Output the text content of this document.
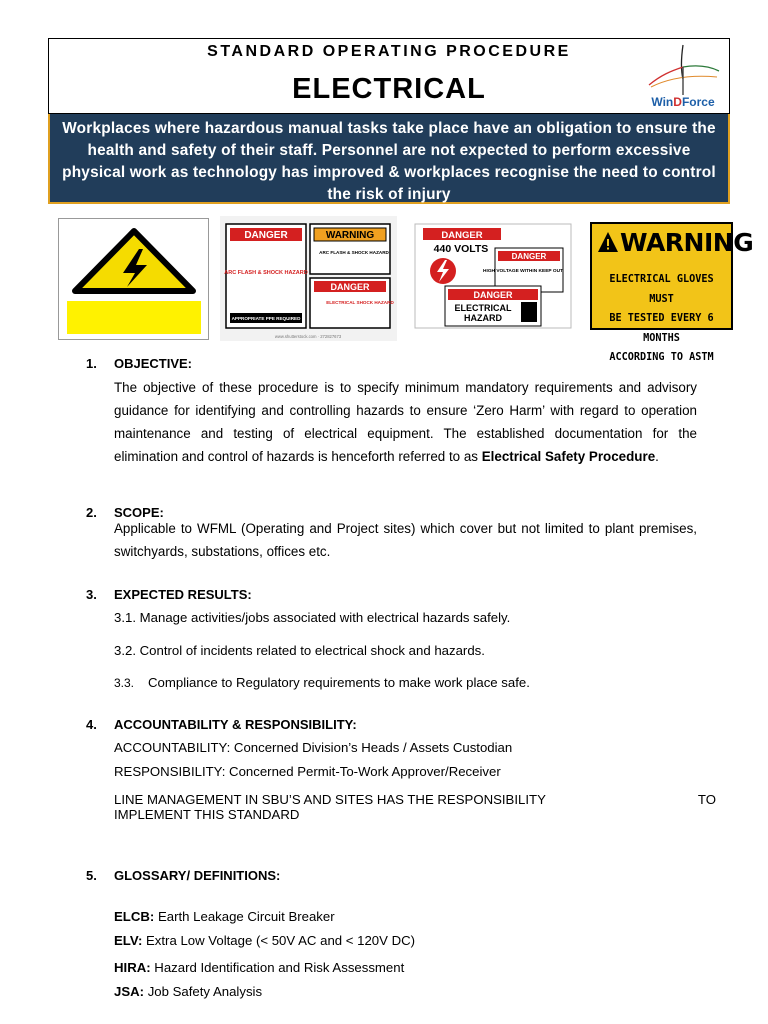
STANDARD OPERATING PROCEDURE
ELECTRICAL	WinDForce
Workplaces where hazardous manual tasks take place have an obligation to ensure the health and safety of their staff. Personnel are not expected to perform excessive physical work as technology has improved & workplaces recognise the need to control the risk of injury
DANGER
ARC FLASH & SHOCK HAZARD
APPROPRIATE PPE REQUIRED
WARNING
ARC FLASH & SHOCK HAZARD
DANGER
ELECTRICAL SHOCK HAZARD
www.shutterstock.com · 272827673
DANGER
440 VOLTS
DANGER
HIGH VOLTAGE WITHIN KEEP OUT
DANGER
ELECTRICAL
HAZARD
WARNING
ELECTRICAL GLOVES MUST
BE TESTED EVERY 6 MONTHS
ACCORDING TO ASTM
1. OBJECTIVE:
The objective of these procedure is to specify minimum mandatory requirements and advisory guidance for identifying and controlling hazards to ensure ‘Zero Harm’ with regard to operation maintenance and testing of electrical equipment. The established documentation for the elimination and control of hazards is henceforth referred to as Electrical Safety Procedure.
2. SCOPE:
Applicable to WFML (Operating and Project sites) which cover but not limited to plant premises, switchyards, substations, offices etc.
3. EXPECTED RESULTS:
3.1. Manage activities/jobs associated with electrical hazards safely.
3.2. Control of incidents related to electrical shock and hazards.
3.3. Compliance to Regulatory requirements to make work place safe.
4. ACCOUNTABILITY & RESPONSIBILITY:
ACCOUNTABILITY: Concerned Division’s Heads / Assets Custodian
RESPONSIBILITY: Concerned Permit-To-Work Approver/Receiver
LINE MANAGEMENT IN SBU’S AND SITES HAS THE RESPONSIBILITY	TO
IMPLEMENT THIS STANDARD
5. GLOSSARY/ DEFINITIONS:
ELCB: Earth Leakage Circuit Breaker
ELV: Extra Low Voltage (< 50V AC and < 120V DC)
HIRA: Hazard Identification and Risk Assessment
JSA: Job Safety Analysis
